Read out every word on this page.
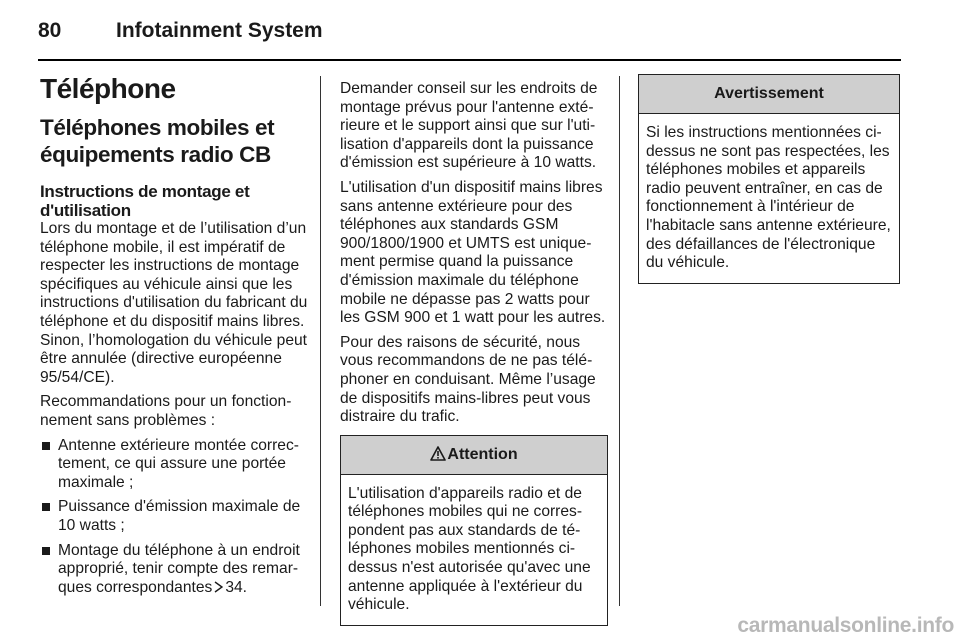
80	Infotainment System
Téléphone
Téléphones mobiles et équipements radio CB
Instructions de montage et d'utilisation

Lors du montage et de l’utilisation d’un téléphone mobile, il est impératif de respecter les instructions de montage spécifiques au véhicule ainsi que les instructions d'utilisation du fabricant du téléphone et du dispositif mains libres. Sinon, l’homologation du véhicule peut être annulée (directive européenne 95/54/CE).

Recommandations pour un fonctionnement sans problèmes :

Antenne extérieure montée correctement, ce qui assure une portée maximale ;
Puissance d'émission maximale de 10 watts ;
Montage du téléphone à un endroit approprié, tenir compte des remarques correspondantes 34.

Demander conseil sur les endroits de montage prévus pour l'antenne extérieure et le support ainsi que sur l'utilisation d'appareils dont la puissance d'émission est supérieure à 10 watts.

L'utilisation d'un dispositif mains libres sans antenne extérieure pour des téléphones aux standards GSM 900/1800/1900 et UMTS est uniquement permise quand la puissance d'émission maximale du téléphone mobile ne dépasse pas 2 watts pour les GSM 900 et 1 watt pour les autres.

Pour des raisons de sécurité, nous vous recommandons de ne pas téléphoner en conduisant. Même l’usage de dispositifs mains-libres peut vous distraire du trafic.

Attention
L'utilisation d'appareils radio et de téléphones mobiles qui ne correspondent pas aux standards de téléphones mobiles mentionnés ci-dessus n'est autorisée qu'avec une antenne appliquée à l'extérieur du véhicule.
Avertissement
Si les instructions mentionnées ci-dessus ne sont pas respectées, les téléphones mobiles et appareils radio peuvent entraîner, en cas de fonctionnement à l'intérieur de l'habitacle sans antenne extérieure, des défaillances de l'électronique du véhicule.
carmanualsonline.info
